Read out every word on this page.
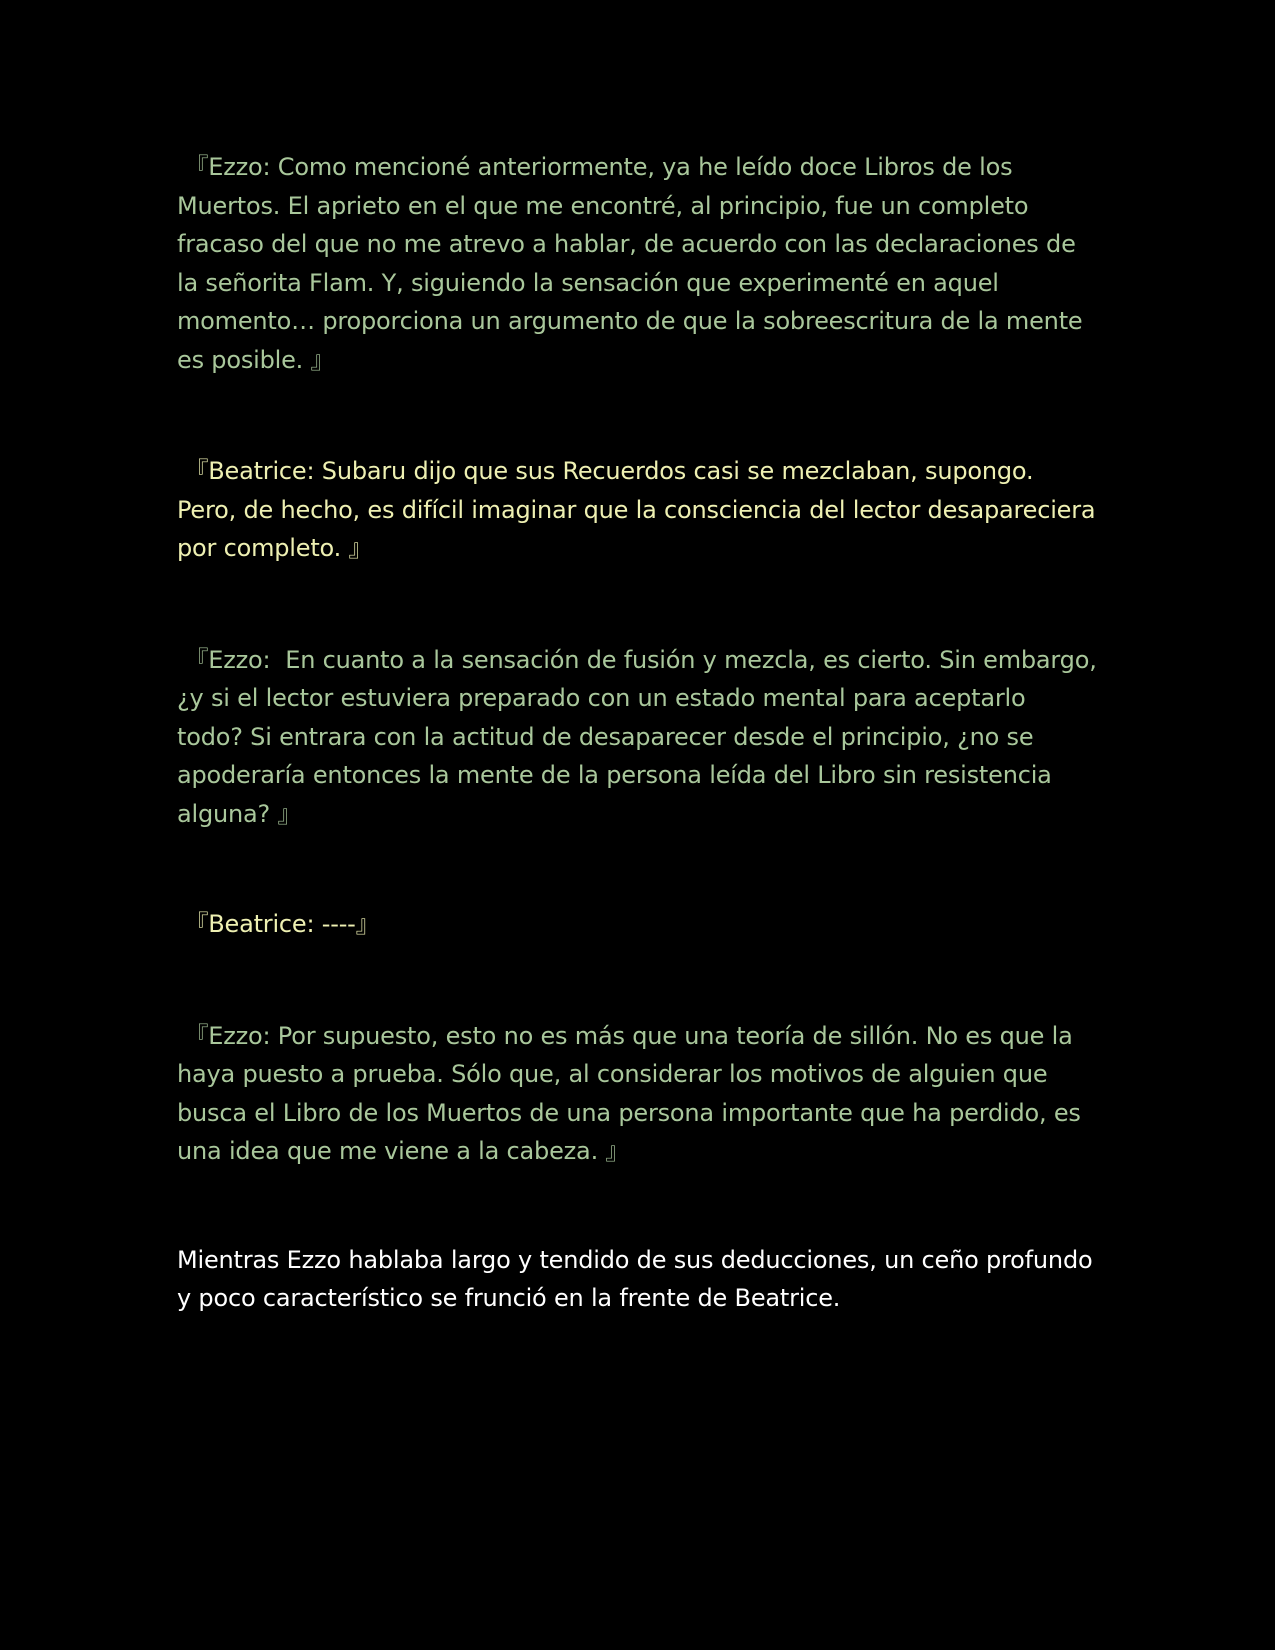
『Ezzo: Como mencioné anteriormente, ya he leído doce Libros de los Muertos. El aprieto en el que me encontré, al principio, fue un completo fracaso del que no me atrevo a hablar, de acuerdo con las declaraciones de la señorita Flam. Y, siguiendo la sensación que experimenté en aquel momento… proporciona un argumento de que la sobreescritura de la mente es posible. 』

『Beatrice: Subaru dijo que sus Recuerdos casi se mezclaban, supongo. Pero, de hecho, es difícil imaginar que la consciencia del lector desapareciera por completo. 』

『Ezzo:  En cuanto a la sensación de fusión y mezcla, es cierto. Sin embargo, ¿y si el lector estuviera preparado con un estado mental para aceptarlo todo? Si entrara con la actitud de desaparecer desde el principio, ¿no se apoderaría entonces la mente de la persona leída del Libro sin resistencia alguna? 』

『Beatrice: ----』

『Ezzo: Por supuesto, esto no es más que una teoría de sillón. No es que la haya puesto a prueba. Sólo que, al considerar los motivos de alguien que busca el Libro de los Muertos de una persona importante que ha perdido, es una idea que me viene a la cabeza. 』

Mientras Ezzo hablaba largo y tendido de sus deducciones, un ceño profundo y poco característico se frunció en la frente de Beatrice.
